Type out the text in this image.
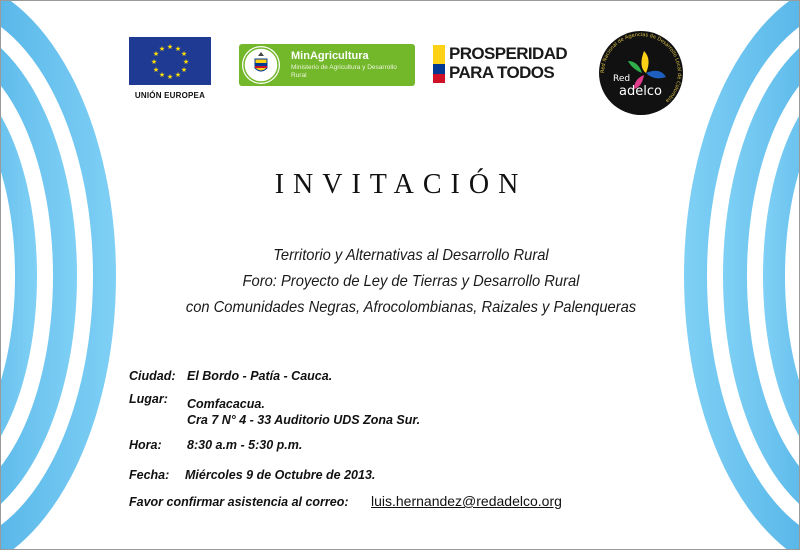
★ ★
★
★
★
★
★
★
★
★
★
★
UNIÓN EUROPEA
MinAgricultura
Ministerio de Agricultura y Desarrollo Rural
PROSPERIDAD
PARA TODOS	Red Nacional de Agencias de Desarrollo Local de Colombia
Red
adelco
INVITACIÓN
Territorio y Alternativas al Desarrollo Rural
Foro: Proyecto de Ley de Tierras y Desarrollo Rural
con Comunidades Negras, Afrocolombianas, Raizales y Palenqueras
Ciudad: El Bordo - Patía - Cauca.
Lugar: Comfacacua.
Cra 7 N° 4 - 33 Auditorio UDS Zona Sur.
Hora: 8:30 a.m - 5:30 p.m.
Fecha: Miércoles 9 de Octubre de 2013.
Favor confirmar asistencia al correo: luis.hernandez@redadelco.org
